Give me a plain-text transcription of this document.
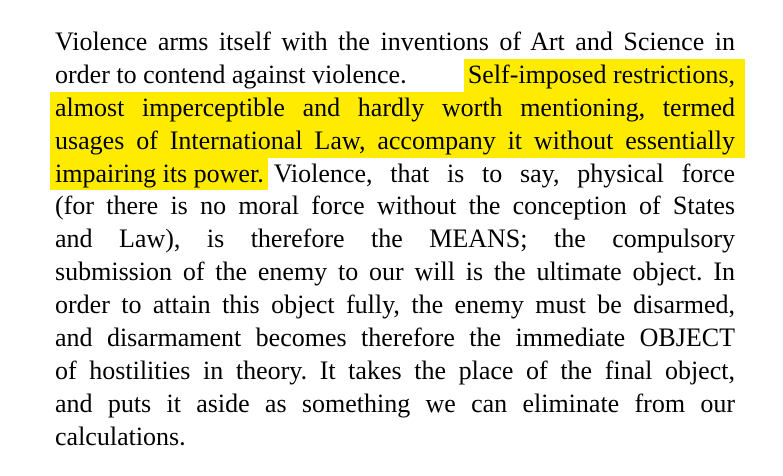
Violence arms itself with the inventions of Art and Science in
order to contend against violence. Self-imposed restrictions,
almost imperceptible and hardly worth mentioning, termed
usages of International Law, accompany it without essentially
impairing its power. Violence, that is to say, physical force
(for there is no moral force without the conception of States
and Law), is therefore the MEANS; the compulsory
submission of the enemy to our will is the ultimate object. In
order to attain this object fully, the enemy must be disarmed,
and disarmament becomes therefore the immediate OBJECT
of hostilities in theory. It takes the place of the final object,
and puts it aside as something we can eliminate from our
calculations.
